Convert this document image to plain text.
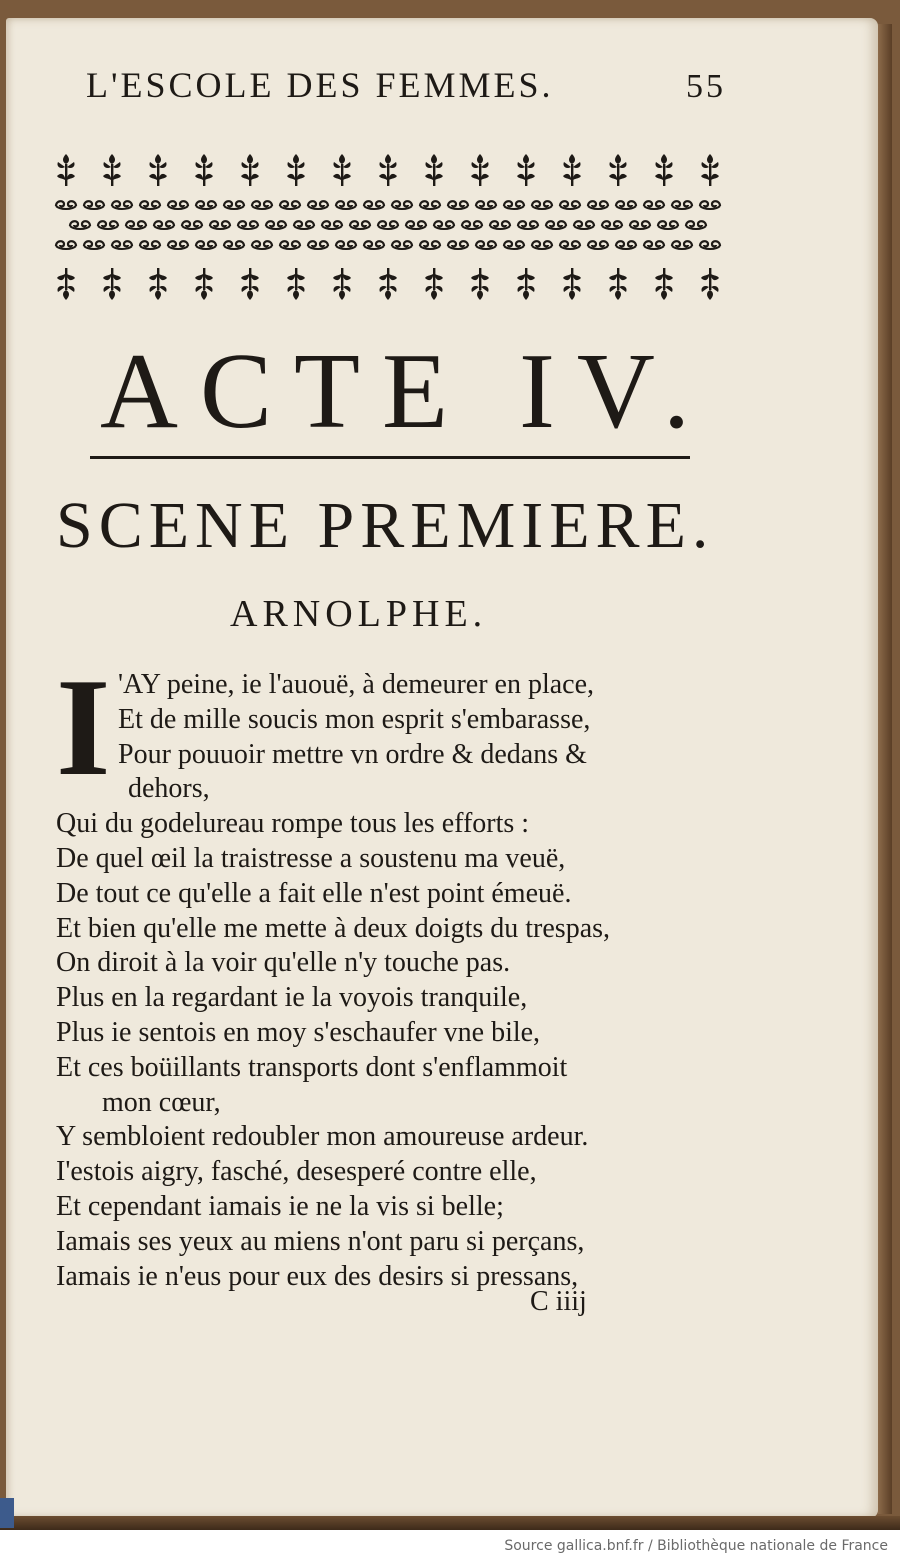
L'ESCOLE DES FEMMES.	55
ACTE IV.
SCENE PREMIERE.
ARNOLPHE.
I 'AY peine, ie l'auouë, à demeurer en place,
Et de mille soucis mon esprit s'embarasse,
Pour pouuoir mettre vn ordre & dedans &
dehors,
Qui du godelureau rompe tous les efforts :
De quel œil la traistresse a soustenu ma veuë,
De tout ce qu'elle a fait elle n'est point émeuë.
Et bien qu'elle me mette à deux doigts du trespas,
On diroit à la voir qu'elle n'y touche pas.
Plus en la regardant ie la voyois tranquile,
Plus ie sentois en moy s'eschaufer vne bile,
Et ces boüillants transports dont s'enflammoit
mon cœur,
Y sembloient redoubler mon amoureuse ardeur.
I'estois aigry, fasché, desesperé contre elle,
Et cependant iamais ie ne la vis si belle;
Iamais ses yeux au miens n'ont paru si perçans,
Iamais ie n'eus pour eux des desirs si pressans,
C iiij
Source gallica.bnf.fr / Bibliothèque nationale de France
